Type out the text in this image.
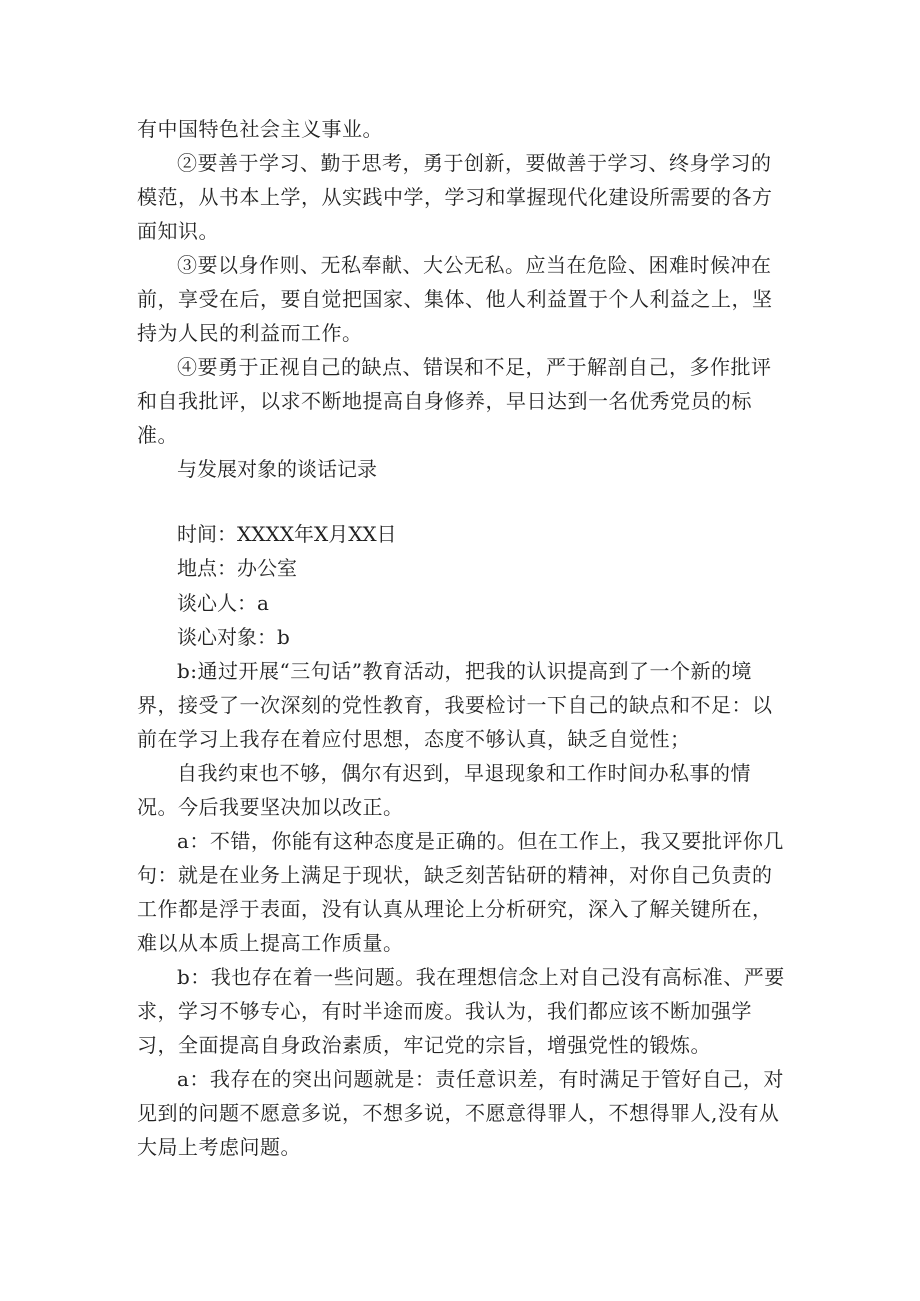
有中国特色社会主义事业。

②要善于学习、勤于思考，勇于创新，要做善于学习、终身学习的模范，从书本上学，从实践中学，学习和掌握现代化建设所需要的各方面知识。

③要以身作则、无私奉献、大公无私。应当在危险、困难时候冲在前，享受在后，要自觉把国家、集体、他人利益置于个人利益之上，坚持为人民的利益而工作。

④要勇于正视自己的缺点、错误和不足，严于解剖自己，多作批评和自我批评，以求不断地提高自身修养，早日达到一名优秀党员的标准。

与发展对象的谈话记录

时间：XXXX年X月XX日

地点：办公室

谈心人：a

谈心对象：b

b:通过开展“三句话”教育活动，把我的认识提高到了一个新的境界，接受了一次深刻的党性教育，我要检讨一下自己的缺点和不足：以前在学习上我存在着应付思想，态度不够认真，缺乏自觉性；

自我约束也不够，偶尔有迟到，早退现象和工作时间办私事的情况。今后我要坚决加以改正。

a：不错，你能有这种态度是正确的。但在工作上，我又要批评你几句：就是在业务上满足于现状，缺乏刻苦钻研的精神，对你自己负责的工作都是浮于表面，没有认真从理论上分析研究，深入了解关键所在，难以从本质上提高工作质量。

b：我也存在着一些问题。我在理想信念上对自己没有高标准、严要求，学习不够专心，有时半途而废。我认为，我们都应该不断加强学习，全面提高自身政治素质，牢记党的宗旨，增强党性的锻炼。

a：我存在的突出问题就是：责任意识差，有时满足于管好自己，对见到的问题不愿意多说，不想多说，不愿意得罪人，不想得罪人,没有从大局上考虑问题。
